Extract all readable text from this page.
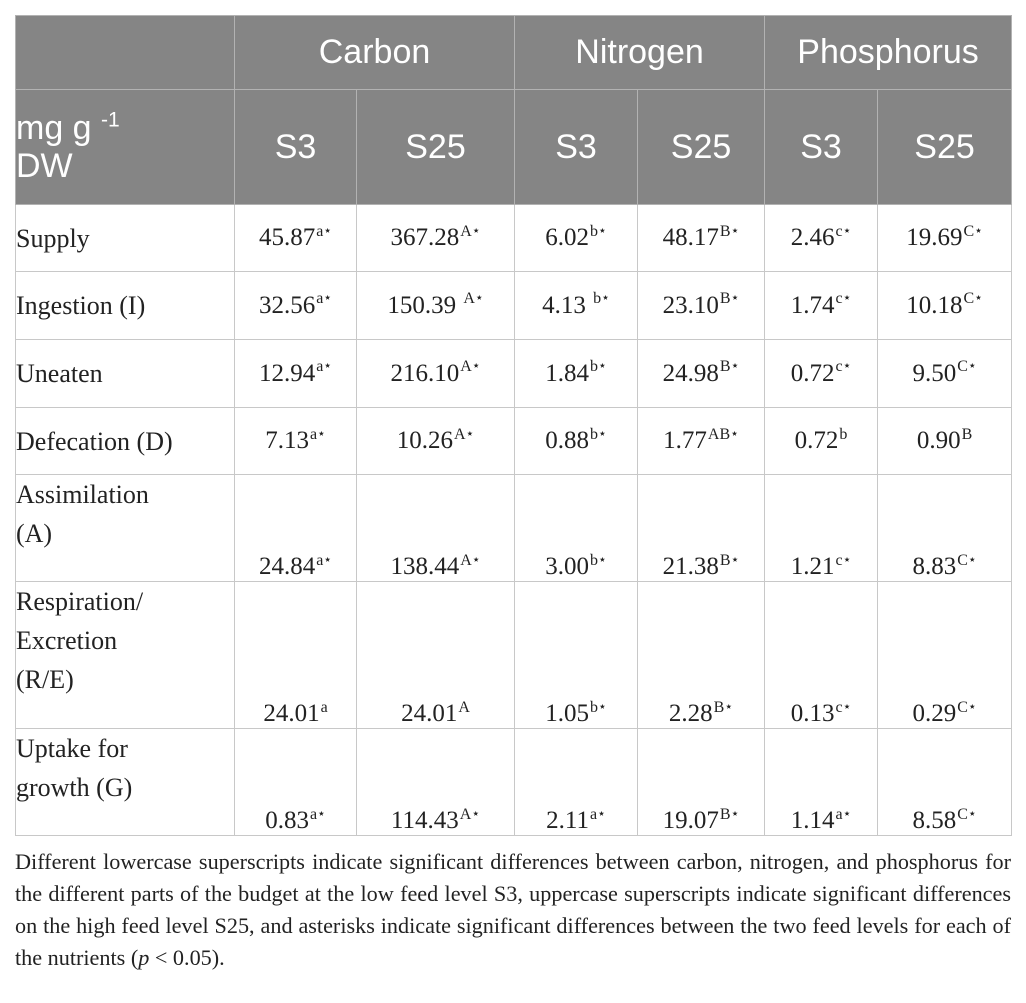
	Carbon		Nitrogen		Phosphorus	
mg g $^{-1}$
DW	S3	S25	S3	S25	S3	S25
Supply	$45.87^{a⋆}$	$367.28^{A⋆}$	$6.02^{b⋆}$	$48.17^{B⋆}$	$2.46^{c⋆}$	$19.69^{C⋆}$
Ingestion (I)	$32.56^{a⋆}$	150.39 $^{A⋆}$	4.13 $^{b⋆}$	$23.10^{B⋆}$	$1.74^{c⋆}$	$10.18^{C⋆}$
Uneaten	$12.94^{a⋆}$	$216.10^{A⋆}$	$1.84^{b⋆}$	$24.98^{B⋆}$	$0.72^{c⋆}$	$9.50^{C⋆}$
Defecation (D)	$7.13^{a⋆}$	$10.26^{A⋆}$	$0.88^{b⋆}$	$1.77^{AB⋆}$	0.72$^b$	$0.90^B$
Assimilation
(A)	$24.84^{a⋆}$	$138.44^{A⋆}$	$3.00^{b⋆}$	$21.38^{B⋆}$	$1.21^{c⋆}$	$8.83^{C⋆}$
Respiration/
Excretion
(R/E)	24.01$^a$	$24.01^A$	$1.05^{b⋆}$	$2.28^{B⋆}$	$0.13^{c⋆}$	$0.29^{C⋆}$
Uptake for
growth (G)	$0.83^{a⋆}$	$114.43^{A⋆}$	$2.11^{a⋆}$	$19.07^{B⋆}$	$1.14^{a⋆}$	$8.58^{C⋆}$

Different lowercase superscripts indicate significant differences between carbon, nitrogen, and phosphorus for the different parts of the budget at the low feed level S3, uppercase superscripts indicate significant differences on the high feed level S25, and asterisks indicate significant differences between the two feed levels for each of the nutrients (p < 0.05).
